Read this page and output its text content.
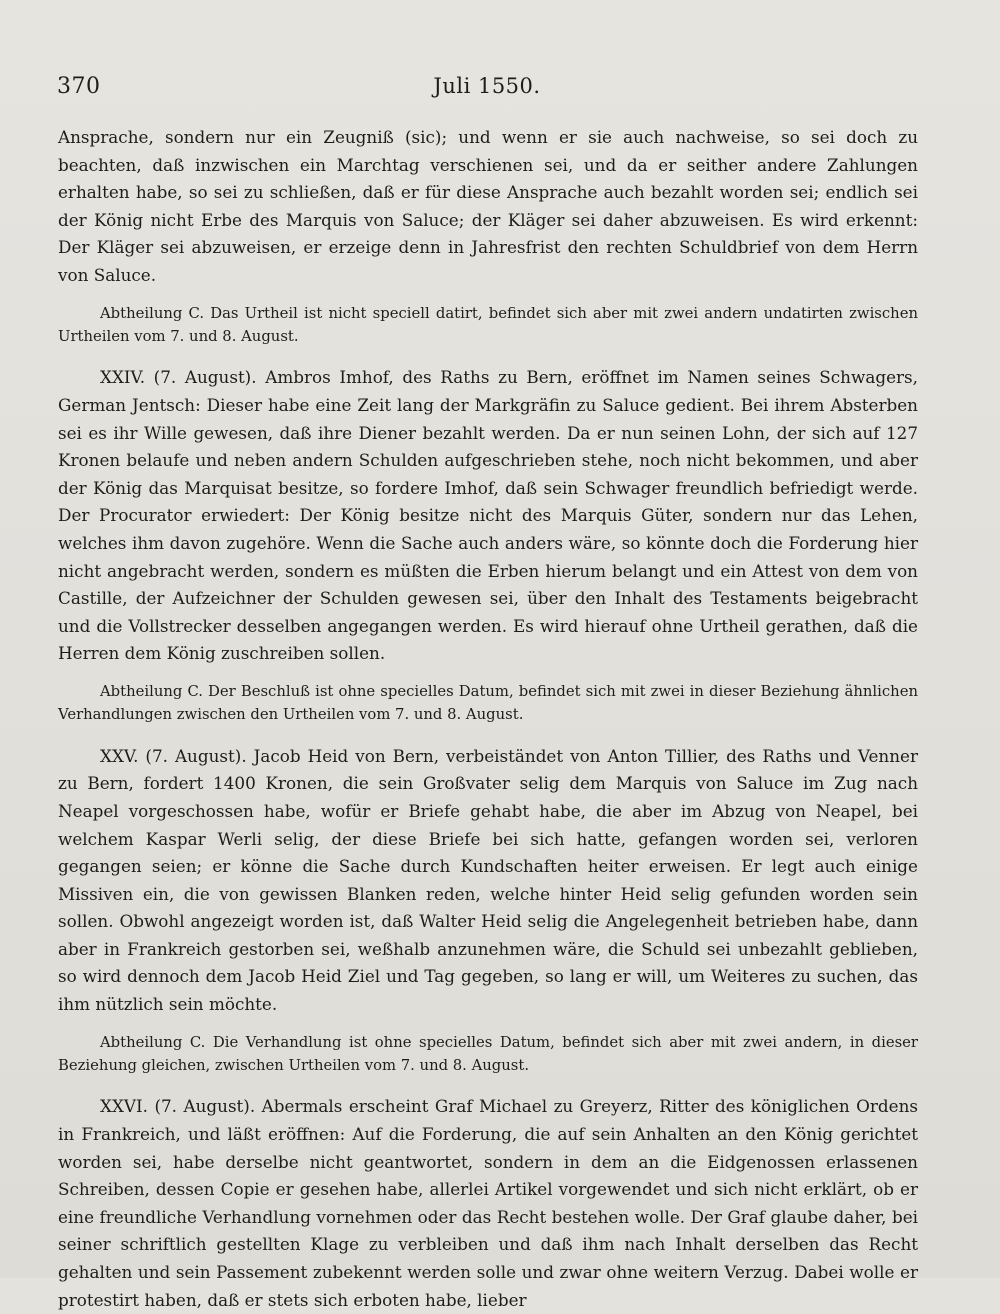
370	Juli 1550.

Ansprache, sondern nur ein Zeugniß (sic); und wenn er sie auch nachweise, so sei doch zu beachten, daß inzwischen ein Marchtag verschienen sei, und da er seither andere Zahlungen erhalten habe, so sei zu schließen, daß er für diese Ansprache auch bezahlt worden sei; endlich sei der König nicht Erbe des Marquis von Saluce; der Kläger sei daher abzuweisen. Es wird erkennt: Der Kläger sei abzuweisen, er erzeige denn in Jahresfrist den rechten Schuldbrief von dem Herrn von Saluce.

Abtheilung C. Das Urtheil ist nicht speciell datirt, befindet sich aber mit zwei andern undatirten zwischen Urtheilen vom 7. und 8. August.

XXIV. (7. August). Ambros Imhof, des Raths zu Bern, eröffnet im Namen seines Schwagers, German Jentsch: Dieser habe eine Zeit lang der Markgräfin zu Saluce gedient. Bei ihrem Absterben sei es ihr Wille gewesen, daß ihre Diener bezahlt werden. Da er nun seinen Lohn, der sich auf 127 Kronen belaufe und neben andern Schulden aufgeschrieben stehe, noch nicht bekommen, und aber der König das Marquisat besitze, so fordere Imhof, daß sein Schwager freundlich befriedigt werde. Der Procurator erwiedert: Der König besitze nicht des Marquis Güter, sondern nur das Lehen, welches ihm davon zugehöre. Wenn die Sache auch anders wäre, so könnte doch die Forderung hier nicht angebracht werden, sondern es müßten die Erben hierum belangt und ein Attest von dem von Castille, der Aufzeichner der Schulden gewesen sei, über den Inhalt des Testaments beigebracht und die Vollstrecker desselben angegangen werden. Es wird hierauf ohne Urtheil gerathen, daß die Herren dem König zuschreiben sollen.

Abtheilung C. Der Beschluß ist ohne specielles Datum, befindet sich mit zwei in dieser Beziehung ähnlichen Verhandlungen zwischen den Urtheilen vom 7. und 8. August.

XXV. (7. August). Jacob Heid von Bern, verbeiständet von Anton Tillier, des Raths und Venner zu Bern, fordert 1400 Kronen, die sein Großvater selig dem Marquis von Saluce im Zug nach Neapel vorgeschossen habe, wofür er Briefe gehabt habe, die aber im Abzug von Neapel, bei welchem Kaspar Werli selig, der diese Briefe bei sich hatte, gefangen worden sei, verloren gegangen seien; er könne die Sache durch Kundschaften heiter erweisen. Er legt auch einige Missiven ein, die von gewissen Blanken reden, welche hinter Heid selig gefunden worden sein sollen. Obwohl angezeigt worden ist, daß Walter Heid selig die Angelegenheit betrieben habe, dann aber in Frankreich gestorben sei, weßhalb anzunehmen wäre, die Schuld sei unbezahlt geblieben, so wird dennoch dem Jacob Heid Ziel und Tag gegeben, so lang er will, um Weiteres zu suchen, das ihm nützlich sein möchte.

Abtheilung C. Die Verhandlung ist ohne specielles Datum, befindet sich aber mit zwei andern, in dieser Beziehung gleichen, zwischen Urtheilen vom 7. und 8. August.

XXVI. (7. August). Abermals erscheint Graf Michael zu Greyerz, Ritter des königlichen Ordens in Frankreich, und läßt eröffnen: Auf die Forderung, die auf sein Anhalten an den König gerichtet worden sei, habe derselbe nicht geantwortet, sondern in dem an die Eidgenossen erlassenen Schreiben, dessen Copie er gesehen habe, allerlei Artikel vorgewendet und sich nicht erklärt, ob er eine freundliche Verhandlung vornehmen oder das Recht bestehen wolle. Der Graf glaube daher, bei seiner schriftlich gestellten Klage zu verbleiben und daß ihm nach Inhalt derselben das Recht gehalten und sein Passement zubekennt werden solle und zwar ohne weitern Verzug. Dabei wolle er protestirt haben, daß er stets sich erboten habe, lieber
